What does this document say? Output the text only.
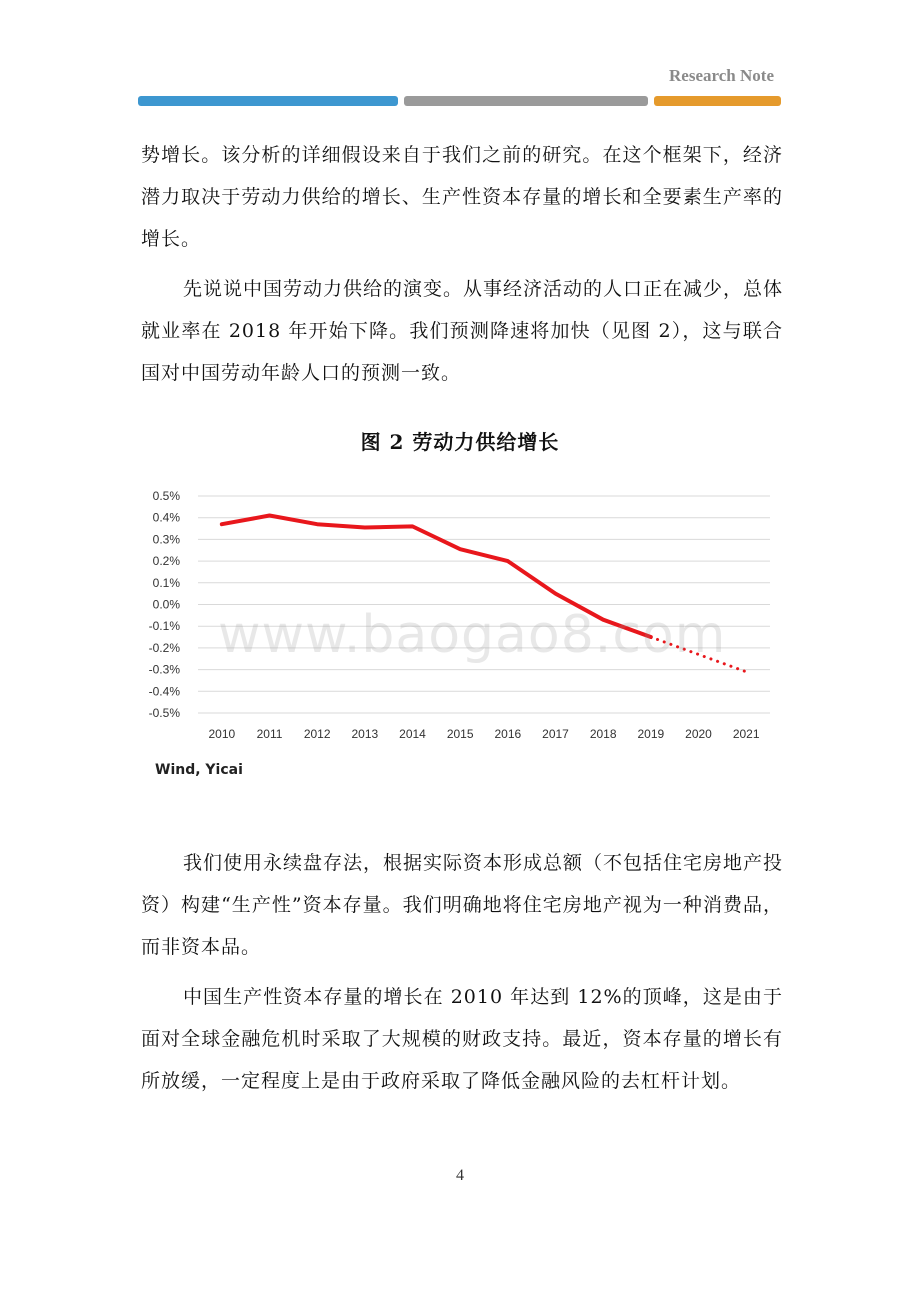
Research Note

势增长。该分析的详细假设来自于我们之前的研究。在这个框架下，经济潜力取决于劳动力供给的增长、生产性资本存量的增长和全要素生产率的增长。

先说说中国劳动力供给的演变。从事经济活动的人口正在减少，总体就业率在 2018 年开始下降。我们预测降速将加快（见图 2），这与联合国对中国劳动年龄人口的预测一致。

图 2 劳动力供给增长
0.5%
0.4%
0.3%
0.2%
0.1%
0.0%
-0.1%
-0.2%
-0.3%
-0.4%
-0.5%
2010 2011 2012 2013 2014 2015 2016 2017 2018 2019 2020 2021
www.baogao8.com
Wind, Yicai

我们使用永续盘存法，根据实际资本形成总额（不包括住宅房地产投资）构建“生产性”资本存量。我们明确地将住宅房地产视为一种消费品，而非资本品。

中国生产性资本存量的增长在 2010 年达到 12%的顶峰，这是由于面对全球金融危机时采取了大规模的财政支持。最近，资本存量的增长有所放缓，一定程度上是由于政府采取了降低金融风险的去杠杆计划。

4
